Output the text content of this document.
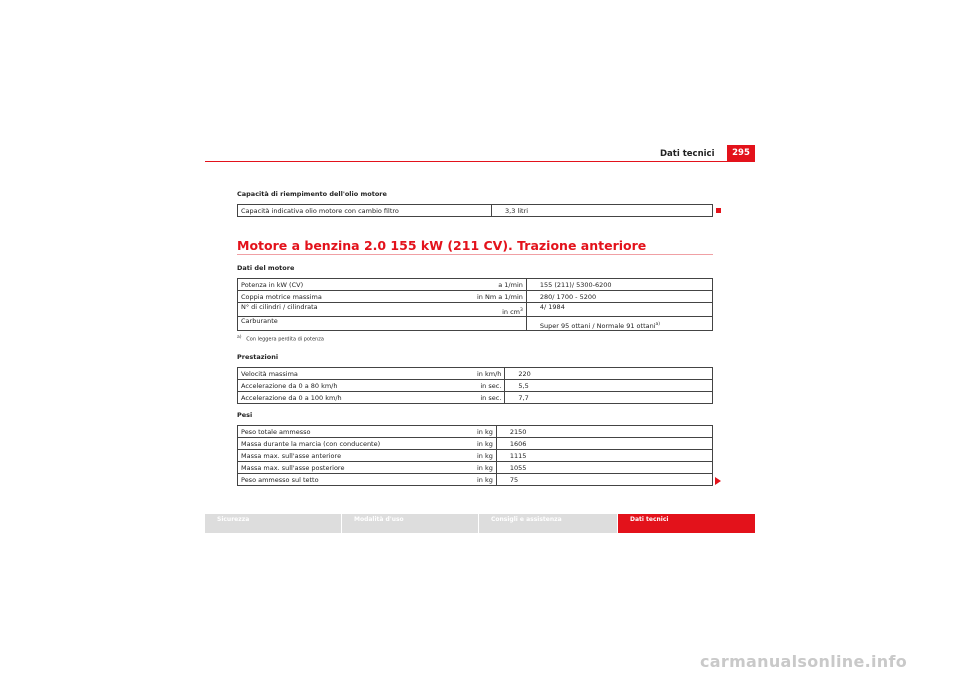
Dati tecnici	295
Capacità di riempimento dell'olio motore
Capacità indicativa olio motore con cambio filtro		3,3 litri
Motore a benzina 2.0 155 kW (211 CV). Trazione anteriore
Dati del motore
Potenza in kW (CV)	a 1/min	155 (211)/ 5300-6200
Coppia motrice massima	in Nm a 1/min	280/ 1700 - 5200
N° di cilindri / cilindrata	in $cm^3$	4/ 1984
Carburante		Super 95 ottani / Normale 91 ottani$^{a)}$
$^{a)}$ Con leggera perdita di potenza
Prestazioni
Velocità massima	in km/h	220
Accelerazione da 0 a 80 km/h	in sec.	5,5
Accelerazione da 0 a 100 km/h	in sec.	7,7
Pesi
Peso totale ammesso	in kg	2150
Massa durante la marcia (con conducente)	in kg	1606
Massa max. sull'asse anteriore	in kg	1115
Massa max. sull'asse posteriore	in kg	1055
Peso ammesso sul tetto	in kg	75
Sicurezza	Modalità d'uso	Consigli e assistenza	Dati tecnici
carmanualsonline.info
